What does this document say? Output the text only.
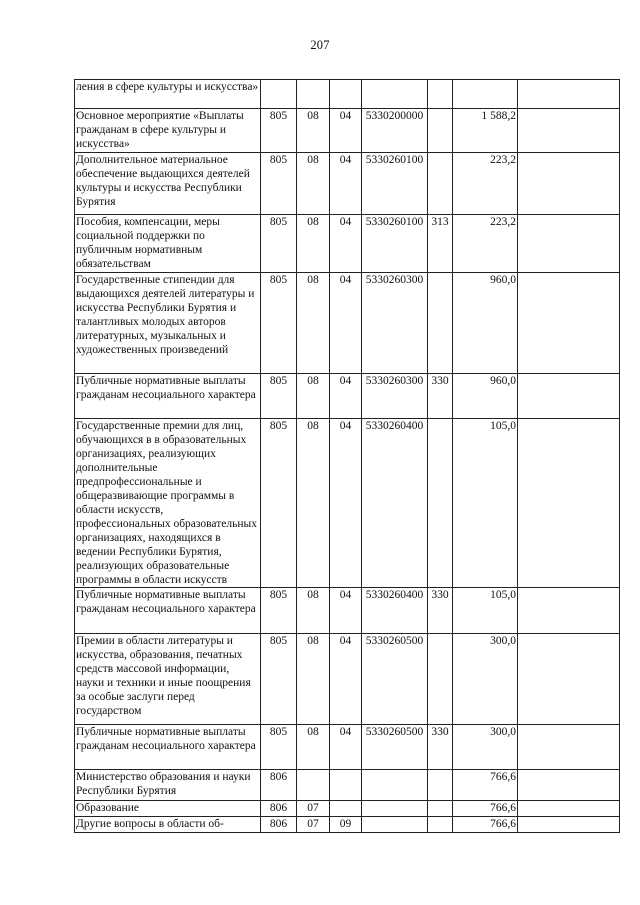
207
ления в сфере культуры и искусства»							
Основное мероприятие «Выплаты гражданам в сфере культуры и искусства»	805	08	04	5330200000		1 588,2	
Дополнительное материальное обеспечение выдающихся деятелей культуры и искусства Республики Бурятия	805	08	04	5330260100		223,2	
Пособия, компенсации, меры социальной поддержки по публичным нормативным обязательствам	805	08	04	5330260100	313	223,2	
Государственные стипендии для выдающихся деятелей литературы и искусства Республики Бурятия и талантливых молодых авторов литературных, музыкальных и художественных произведений	805	08	04	5330260300		960,0	
Публичные нормативные выплаты гражданам несоциального характера	805	08	04	5330260300	330	960,0	
Государственные премии для лиц, обучающихся в в образовательных организациях, реализующих дополнительные предпрофессиональные и общеразвивающие программы в области искусств, профессиональных образовательных организациях, находящихся в ведении Республики Бурятия, реализующих образовательные программы в области искусств	805	08	04	5330260400		105,0	
Публичные нормативные выплаты гражданам несоциального характера	805	08	04	5330260400	330	105,0	
Премии в области литературы и искусства, образования, печатных средств массовой информации, науки и техники и иные поощрения за особые заслуги перед государством	805	08	04	5330260500		300,0	
Публичные нормативные выплаты гражданам несоциального характера	805	08	04	5330260500	330	300,0	
Министерство образования и науки Республики Бурятия	806					766,6	
Образование	806	07				766,6	
Другие вопросы в области об-	806	07	09			766,6	
